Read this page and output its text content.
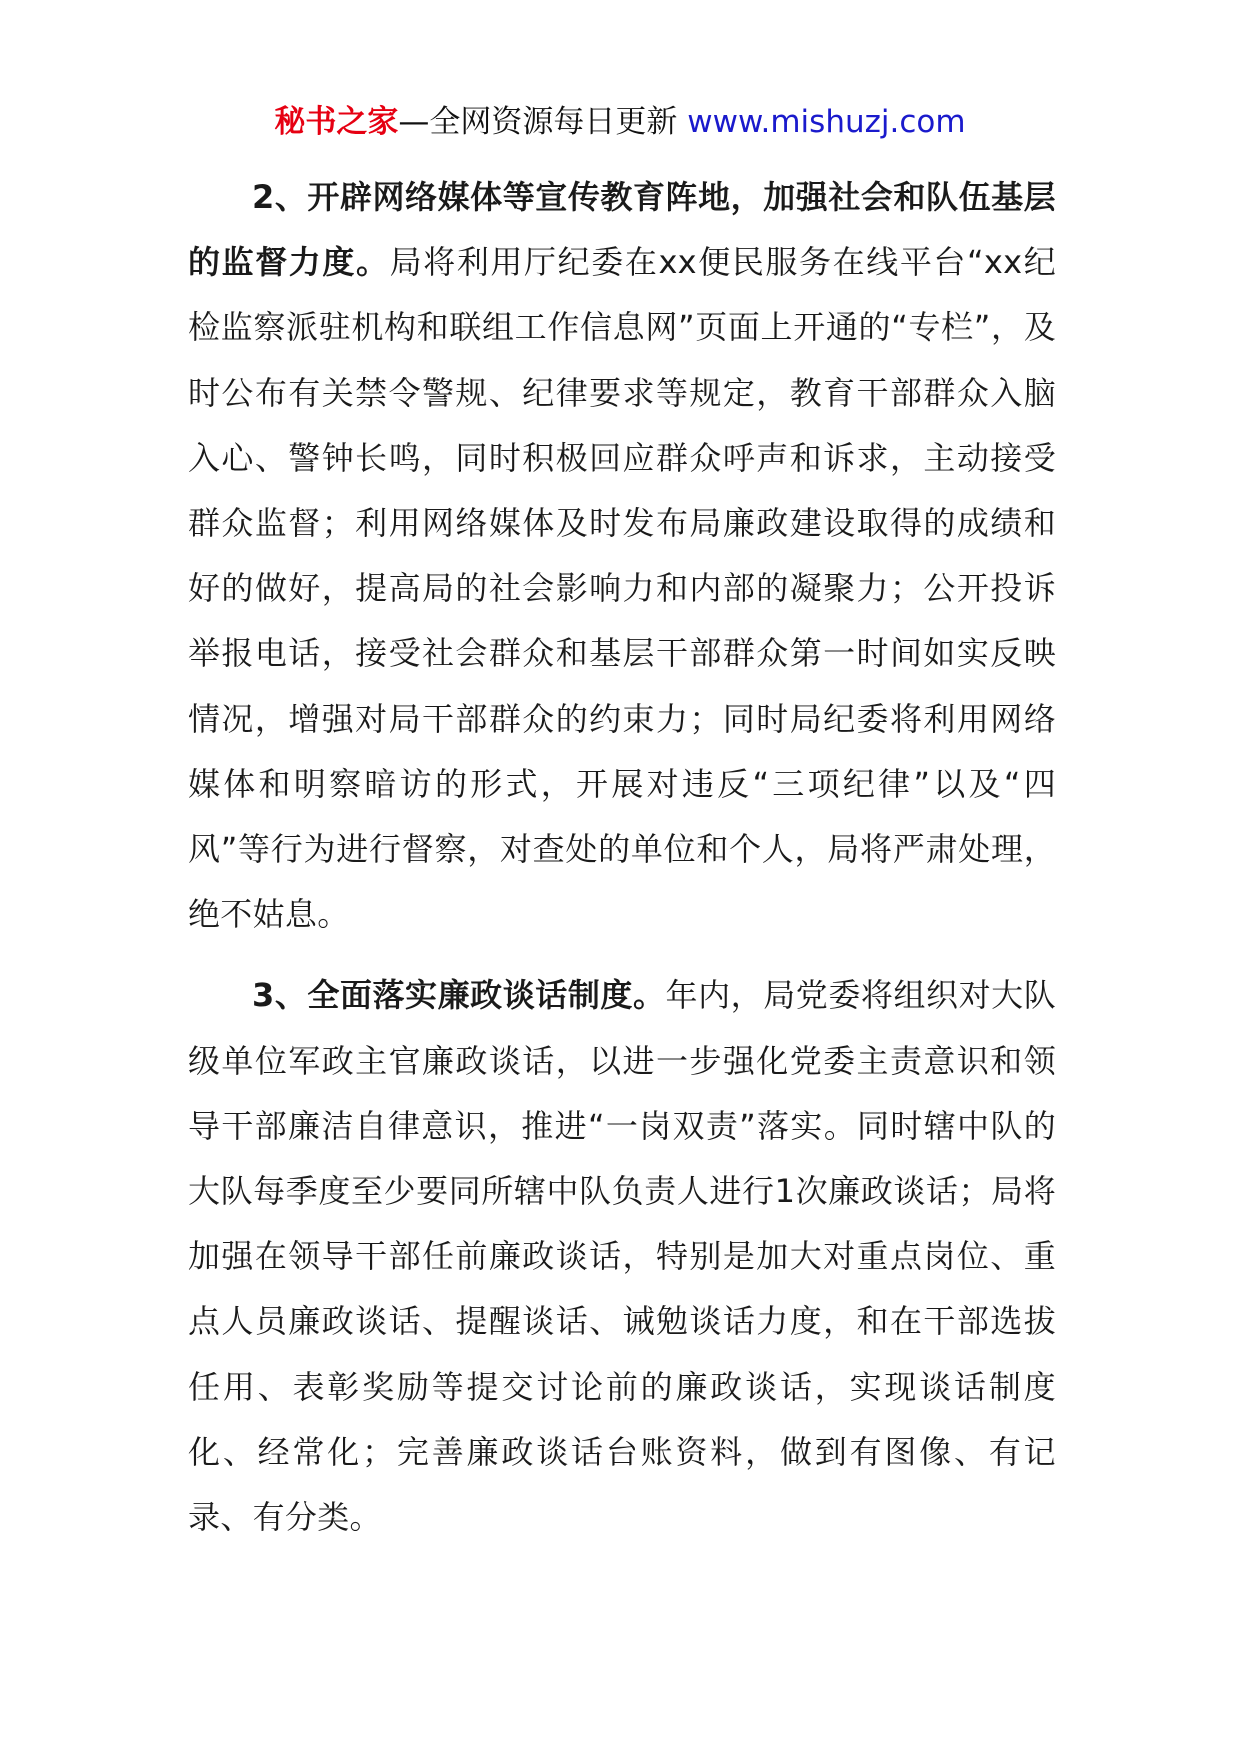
秘书之家—全网资源每日更新 www.mishuzj.com

2、开辟网络媒体等宣传教育阵地，加强社会和队伍基层的监督力度。局将利用厅纪委在xx便民服务在线平台“xx纪检监察派驻机构和联组工作信息网”页面上开通的“专栏”，及时公布有关禁令警规、纪律要求等规定，教育干部群众入脑入心、警钟长鸣，同时积极回应群众呼声和诉求，主动接受群众监督；利用网络媒体及时发布局廉政建设取得的成绩和好的做好，提高局的社会影响力和内部的凝聚力；公开投诉举报电话，接受社会群众和基层干部群众第一时间如实反映情况，增强对局干部群众的约束力；同时局纪委将利用网络媒体和明察暗访的形式，开展对违反“三项纪律”以及“四风”等行为进行督察，对查处的单位和个人，局将严肃处理，绝不姑息。

3、全面落实廉政谈话制度。年内，局党委将组织对大队级单位军政主官廉政谈话，以进一步强化党委主责意识和领导干部廉洁自律意识，推进“一岗双责”落实。同时辖中队的大队每季度至少要同所辖中队负责人进行1次廉政谈话；局将加强在领导干部任前廉政谈话，特别是加大对重点岗位、重点人员廉政谈话、提醒谈话、诫勉谈话力度，和在干部选拔任用、表彰奖励等提交讨论前的廉政谈话，实现谈话制度化、经常化；完善廉政谈话台账资料，做到有图像、有记录、有分类。
